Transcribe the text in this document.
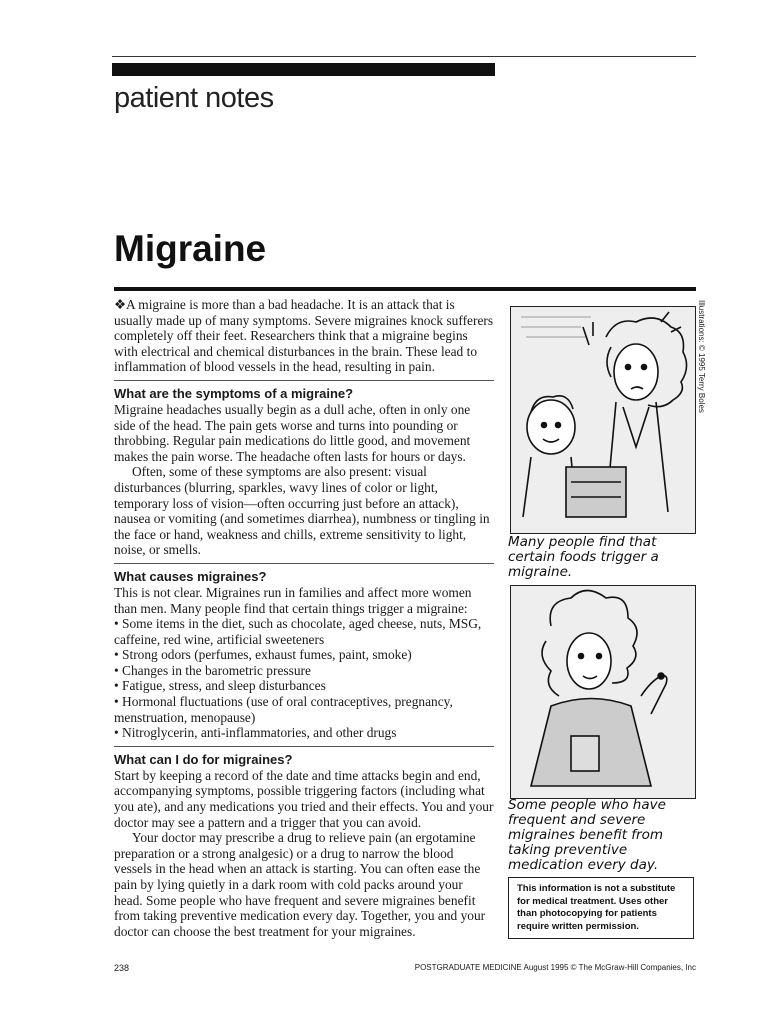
patient notes
Migraine

❖A migraine is more than a bad headache. It is an attack that is usually made up of many symptoms. Severe migraines knock sufferers completely off their feet. Researchers think that a migraine begins with electrical and chemical disturbances in the brain. These lead to inflammation of blood vessels in the head, resulting in pain.

What are the symptoms of a migraine?

Migraine headaches usually begin as a dull ache, often in only one side of the head. The pain gets worse and turns into pounding or throbbing. Regular pain medications do little good, and movement makes the pain worse. The headache often lasts for hours or days.

Often, some of these symptoms are also present: visual disturbances (blurring, sparkles, wavy lines of color or light, temporary loss of vision—often occurring just before an attack), nausea or vomiting (and sometimes diarrhea), numbness or tingling in the face or hand, weakness and chills, extreme sensitivity to light, noise, or smells.

What causes migraines?

This is not clear. Migraines run in families and affect more women than men. Many people find that certain things trigger a migraine:

• Some items in the diet, such as chocolate, aged cheese, nuts, MSG, caffeine, red wine, artificial sweeteners
• Strong odors (perfumes, exhaust fumes, paint, smoke)
• Changes in the barometric pressure
• Fatigue, stress, and sleep disturbances
• Hormonal fluctuations (use of oral contraceptives, pregnancy, menstruation, menopause)
• Nitroglycerin, anti-inflammatories, and other drugs

What can I do for migraines?

Start by keeping a record of the date and time attacks begin and end, accompanying symptoms, possible triggering factors (including what you ate), and any medications you tried and their effects. You and your doctor may see a pattern and a trigger that you can avoid.

Your doctor may prescribe a drug to relieve pain (an ergotamine preparation or a strong analgesic) or a drug to narrow the blood vessels in the head when an attack is starting. You can often ease the pain by lying quietly in a dark room with cold packs around your head. Some people who have frequent and severe migraines benefit from taking preventive medication every day. Together, you and your doctor can choose the best treatment for your migraines.

Many people find that certain foods trigger a migraine.
Some people who have frequent and severe migraines benefit from taking preventive medication every day.
Illustrations: © 1995 Terry Boles
This information is not a substitute for medical treatment. Uses other than photocopying for patients require written permission.
238	POSTGRADUATE MEDICINE August 1995 © The McGraw-Hill Companies, Inc
